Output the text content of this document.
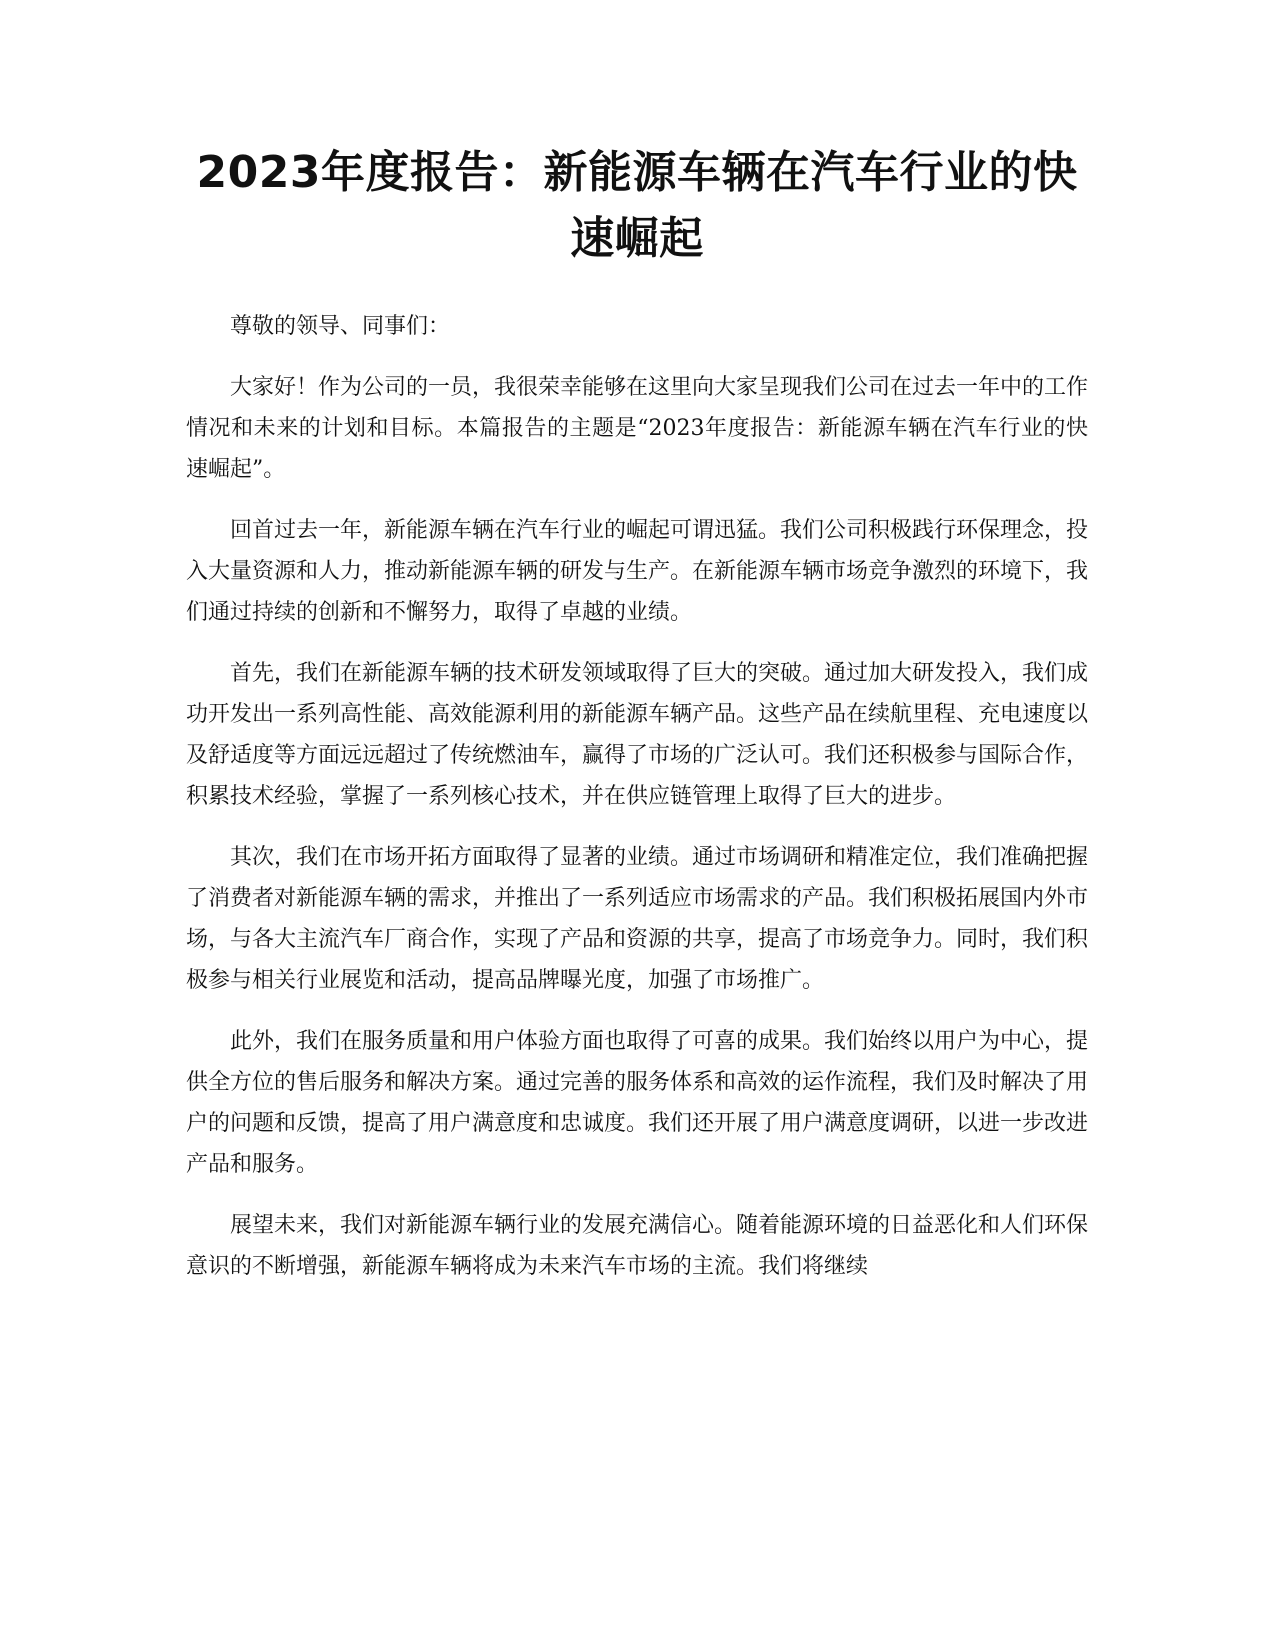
2023年度报告：新能源车辆在汽车行业的快速崛起

尊敬的领导、同事们：

大家好！作为公司的一员，我很荣幸能够在这里向大家呈现我们公司在过去一年中的工作情况和未来的计划和目标。本篇报告的主题是“2023年度报告：新能源车辆在汽车行业的快速崛起”。

回首过去一年，新能源车辆在汽车行业的崛起可谓迅猛。我们公司积极践行环保理念，投入大量资源和人力，推动新能源车辆的研发与生产。在新能源车辆市场竞争激烈的环境下，我们通过持续的创新和不懈努力，取得了卓越的业绩。

首先，我们在新能源车辆的技术研发领域取得了巨大的突破。通过加大研发投入，我们成功开发出一系列高性能、高效能源利用的新能源车辆产品。这些产品在续航里程、充电速度以及舒适度等方面远远超过了传统燃油车，赢得了市场的广泛认可。我们还积极参与国际合作，积累技术经验，掌握了一系列核心技术，并在供应链管理上取得了巨大的进步。

其次，我们在市场开拓方面取得了显著的业绩。通过市场调研和精准定位，我们准确把握了消费者对新能源车辆的需求，并推出了一系列适应市场需求的产品。我们积极拓展国内外市场，与各大主流汽车厂商合作，实现了产品和资源的共享，提高了市场竞争力。同时，我们积极参与相关行业展览和活动，提高品牌曝光度，加强了市场推广。

此外，我们在服务质量和用户体验方面也取得了可喜的成果。我们始终以用户为中心，提供全方位的售后服务和解决方案。通过完善的服务体系和高效的运作流程，我们及时解决了用户的问题和反馈，提高了用户满意度和忠诚度。我们还开展了用户满意度调研，以进一步改进产品和服务。

展望未来，我们对新能源车辆行业的发展充满信心。随着能源环境的日益恶化和人们环保意识的不断增强，新能源车辆将成为未来汽车市场的主流。我们将继续
